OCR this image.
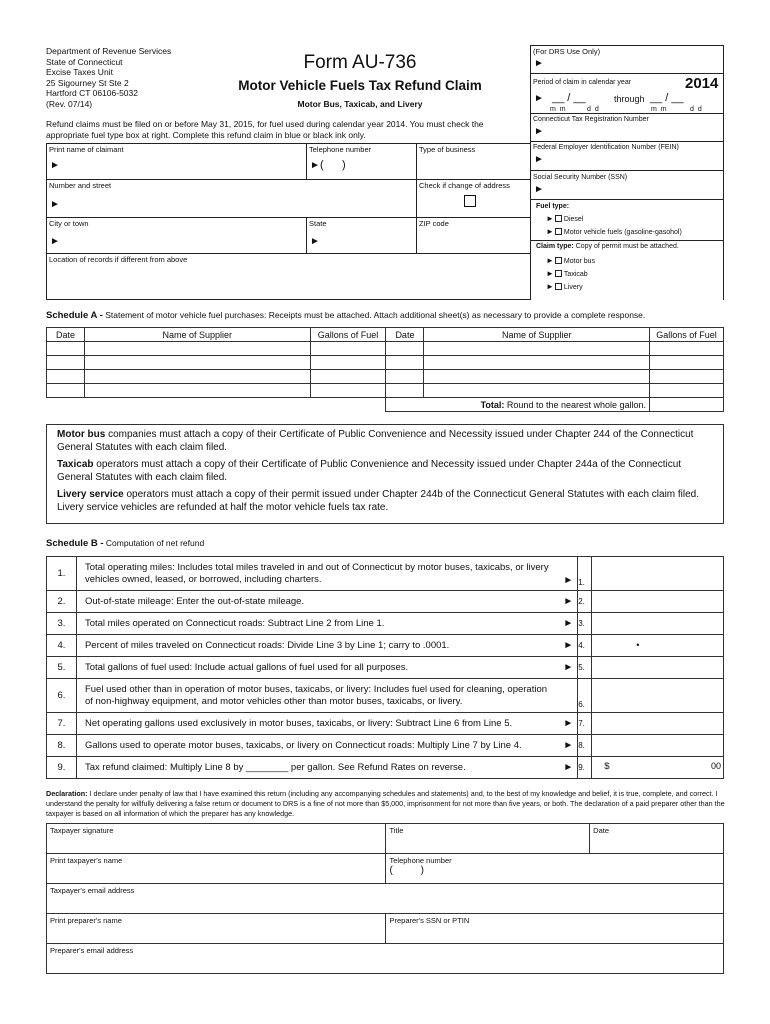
Department of Revenue Services
State of Connecticut
Excise Taxes Unit
25 Sigourney St Ste 2
Hartford CT 06106-5032
(Rev. 07/14)
Form AU-736
Motor Vehicle Fuels Tax Refund Claim
Motor Bus, Taxicab, and Livery
Refund claims must be filed on or before May 31, 2015, for fuel used during calendar year 2014. You must check the appropriate fuel type box at right. Complete this refund claim in blue or black ink only.
(For DRS Use Only)
►
Period of claim in calendar year	2014
► __ / __	through __ / __
m m	d d	m m	d d
Connecticut Tax Registration Number
►
Federal Employer Identification Number (FEIN)
►
Social Security Number (SSN)
►
Fuel type:
► Diesel
► Motor vehicle fuels (gasoline-gasohol)
Claim type: Copy of permit must be attached.
► Motor bus
► Taxicab
► Livery
Print name of claimant
►
Telephone number
► (      )
Type of business
Number and street
►
Check if change of address
City or town
►
State
►
ZIP code
Location of records if different from above
Schedule A - Statement of motor vehicle fuel purchases: Receipts must be attached. Attach additional sheet(s) as necessary to provide a complete response.
Date	Name of Supplier	Gallons of Fuel	Date	Name of Supplier	Gallons of Fuel

			Total: Round to the nearest whole gallon.		

Motor bus companies must attach a copy of their Certificate of Public Convenience and Necessity issued under Chapter 244 of the Connecticut General Statutes with each claim filed.

Taxicab operators must attach a copy of their Certificate of Public Convenience and Necessity issued under Chapter 244a of the Connecticut General Statutes with each claim filed.

Livery service operators must attach a copy of their permit issued under Chapter 244b of the Connecticut General Statutes with each claim filed. Livery service vehicles are refunded at half the motor vehicle fuels tax rate.

Schedule B - Computation of net refund
1.	Total operating miles: Includes total miles traveled in and out of Connecticut by motor buses, taxicabs, or livery vehicles owned, leased, or borrowed, including charters. ►	1.	
2.	Out-of-state mileage: Enter the out-of-state mileage. ►	2.	
3.	Total miles operated on Connecticut roads: Subtract Line 2 from Line 1. ►	3.	
4.	Percent of miles traveled on Connecticut roads: Divide Line 3 by Line 1; carry to .0001. ►	4.	•

5.	Total gallons of fuel used: Include actual gallons of fuel used for all purposes. ►	5.	
6.	Fuel used other than in operation of motor buses, taxicabs, or livery: Includes fuel used for cleaning, operation of non-highway equipment, and motor vehicles other than motor buses, taxicabs, or livery.	6.	
7.	Net operating gallons used exclusively in motor buses, taxicabs, or livery: Subtract Line 6 from Line 5. ►	7.	
8.	Gallons used to operate motor buses, taxicabs, or livery on Connecticut roads: Multiply Line 7 by Line 4. ►	8.	
9.	Tax refund claimed: Multiply Line 8 by ________ per gallon. See Refund Rates on reverse. ►	9.	$ 00
Declaration: I declare under penalty of law that I have examined this return (including any accompanying schedules and statements) and, to the best of my knowledge and belief, it is true, complete, and correct. I understand the penalty for willfully delivering a false return or document to DRS is a fine of not more than $5,000, imprisonment for not more than five years, or both. The declaration of a paid preparer other than the taxpayer is based on all information of which the preparer has any knowledge.
Taxpayer signature	Title	Date
Print taxpayer's name	Telephone number
(          )	
Taxpayer's email address		
Print preparer's name	Preparer's SSN or PTIN	
Preparer's email address		
